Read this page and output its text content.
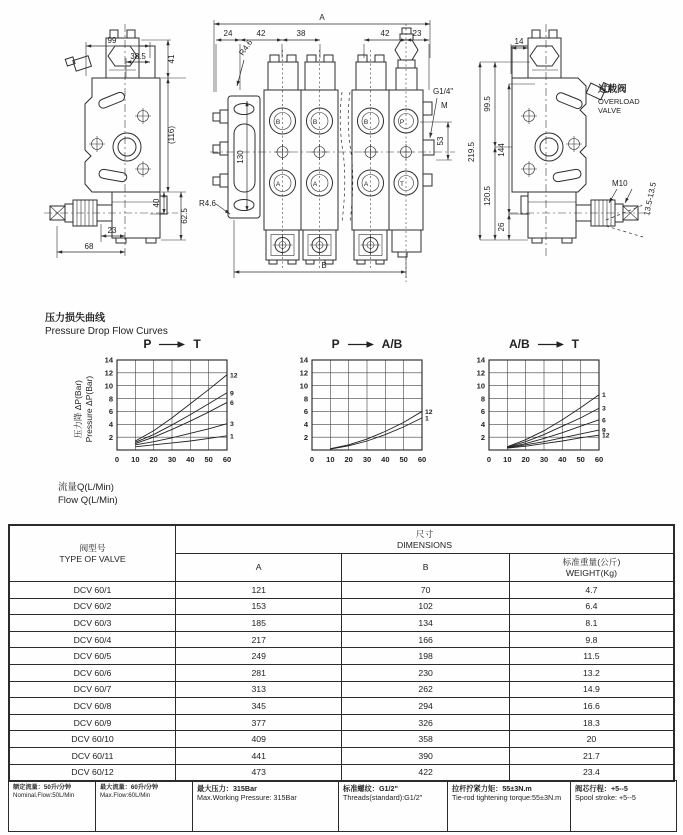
99
38.5	41
(116)
40
62.5
23
68
A
24	42	38	42	23
R4.6
130
B
A
B
A
B
A
P
T
G1/4"
M
53
R4.6
B
过载阀
OVERLOAD
VALVE
14
219.5
99.5
120.5
144
26
M10 13.5-13.5
压力损失曲线
Pressure Drop Flow Curves
压力降 ΔP(Bar) Pressure ΔP(Bar)
P	T
0 10 20 30 40 50 60
2
4
6
8
10
12
14
12
9
6
3
1
P	A/B
0 10 20 30 40 50 60
2
4
6
8
10
12
14
12
1
A/B	T
0 10 20 30 40 50 60
2
4
6
8
10
12
14
1
3
6
9
12
流量Q(L/Min)
Flow Q(L/Min)
阀型号
TYPE OF VALVE	尺寸
DIMENSIONS		
	A	B	标准重量(公斤)
WEIGHT(Kg)
DCV 60/1	121	70	4.7
DCV 60/2	153	102	6.4
DCV 60/3	185	134	8.1
DCV 60/4	217	166	9.8
DCV 60/5	249	198	11.5
DCV 60/6	281	230	13.2
DCV 60/7	313	262	14.9
DCV 60/8	345	294	16.6
DCV 60/9	377	326	18.3
DCV 60/10	409	358	20
DCV 60/11	441	390	21.7
DCV 60/12	473	422	23.4
额定流量：50升/分钟
Nominal.Flow:50L/Min
最大流量：60升/分钟
Max.Flow:60L/Min
最大压力：315Bar
Max.Working Pressure: 315Bar
标准螺纹：G1/2"
Threads(standard):G1/2"
拉杆拧紧力矩：55±3N.m
Tie-rod tightening torque:55±3N.m
阀芯行程：+5--5
Spool stroke: +5--5
